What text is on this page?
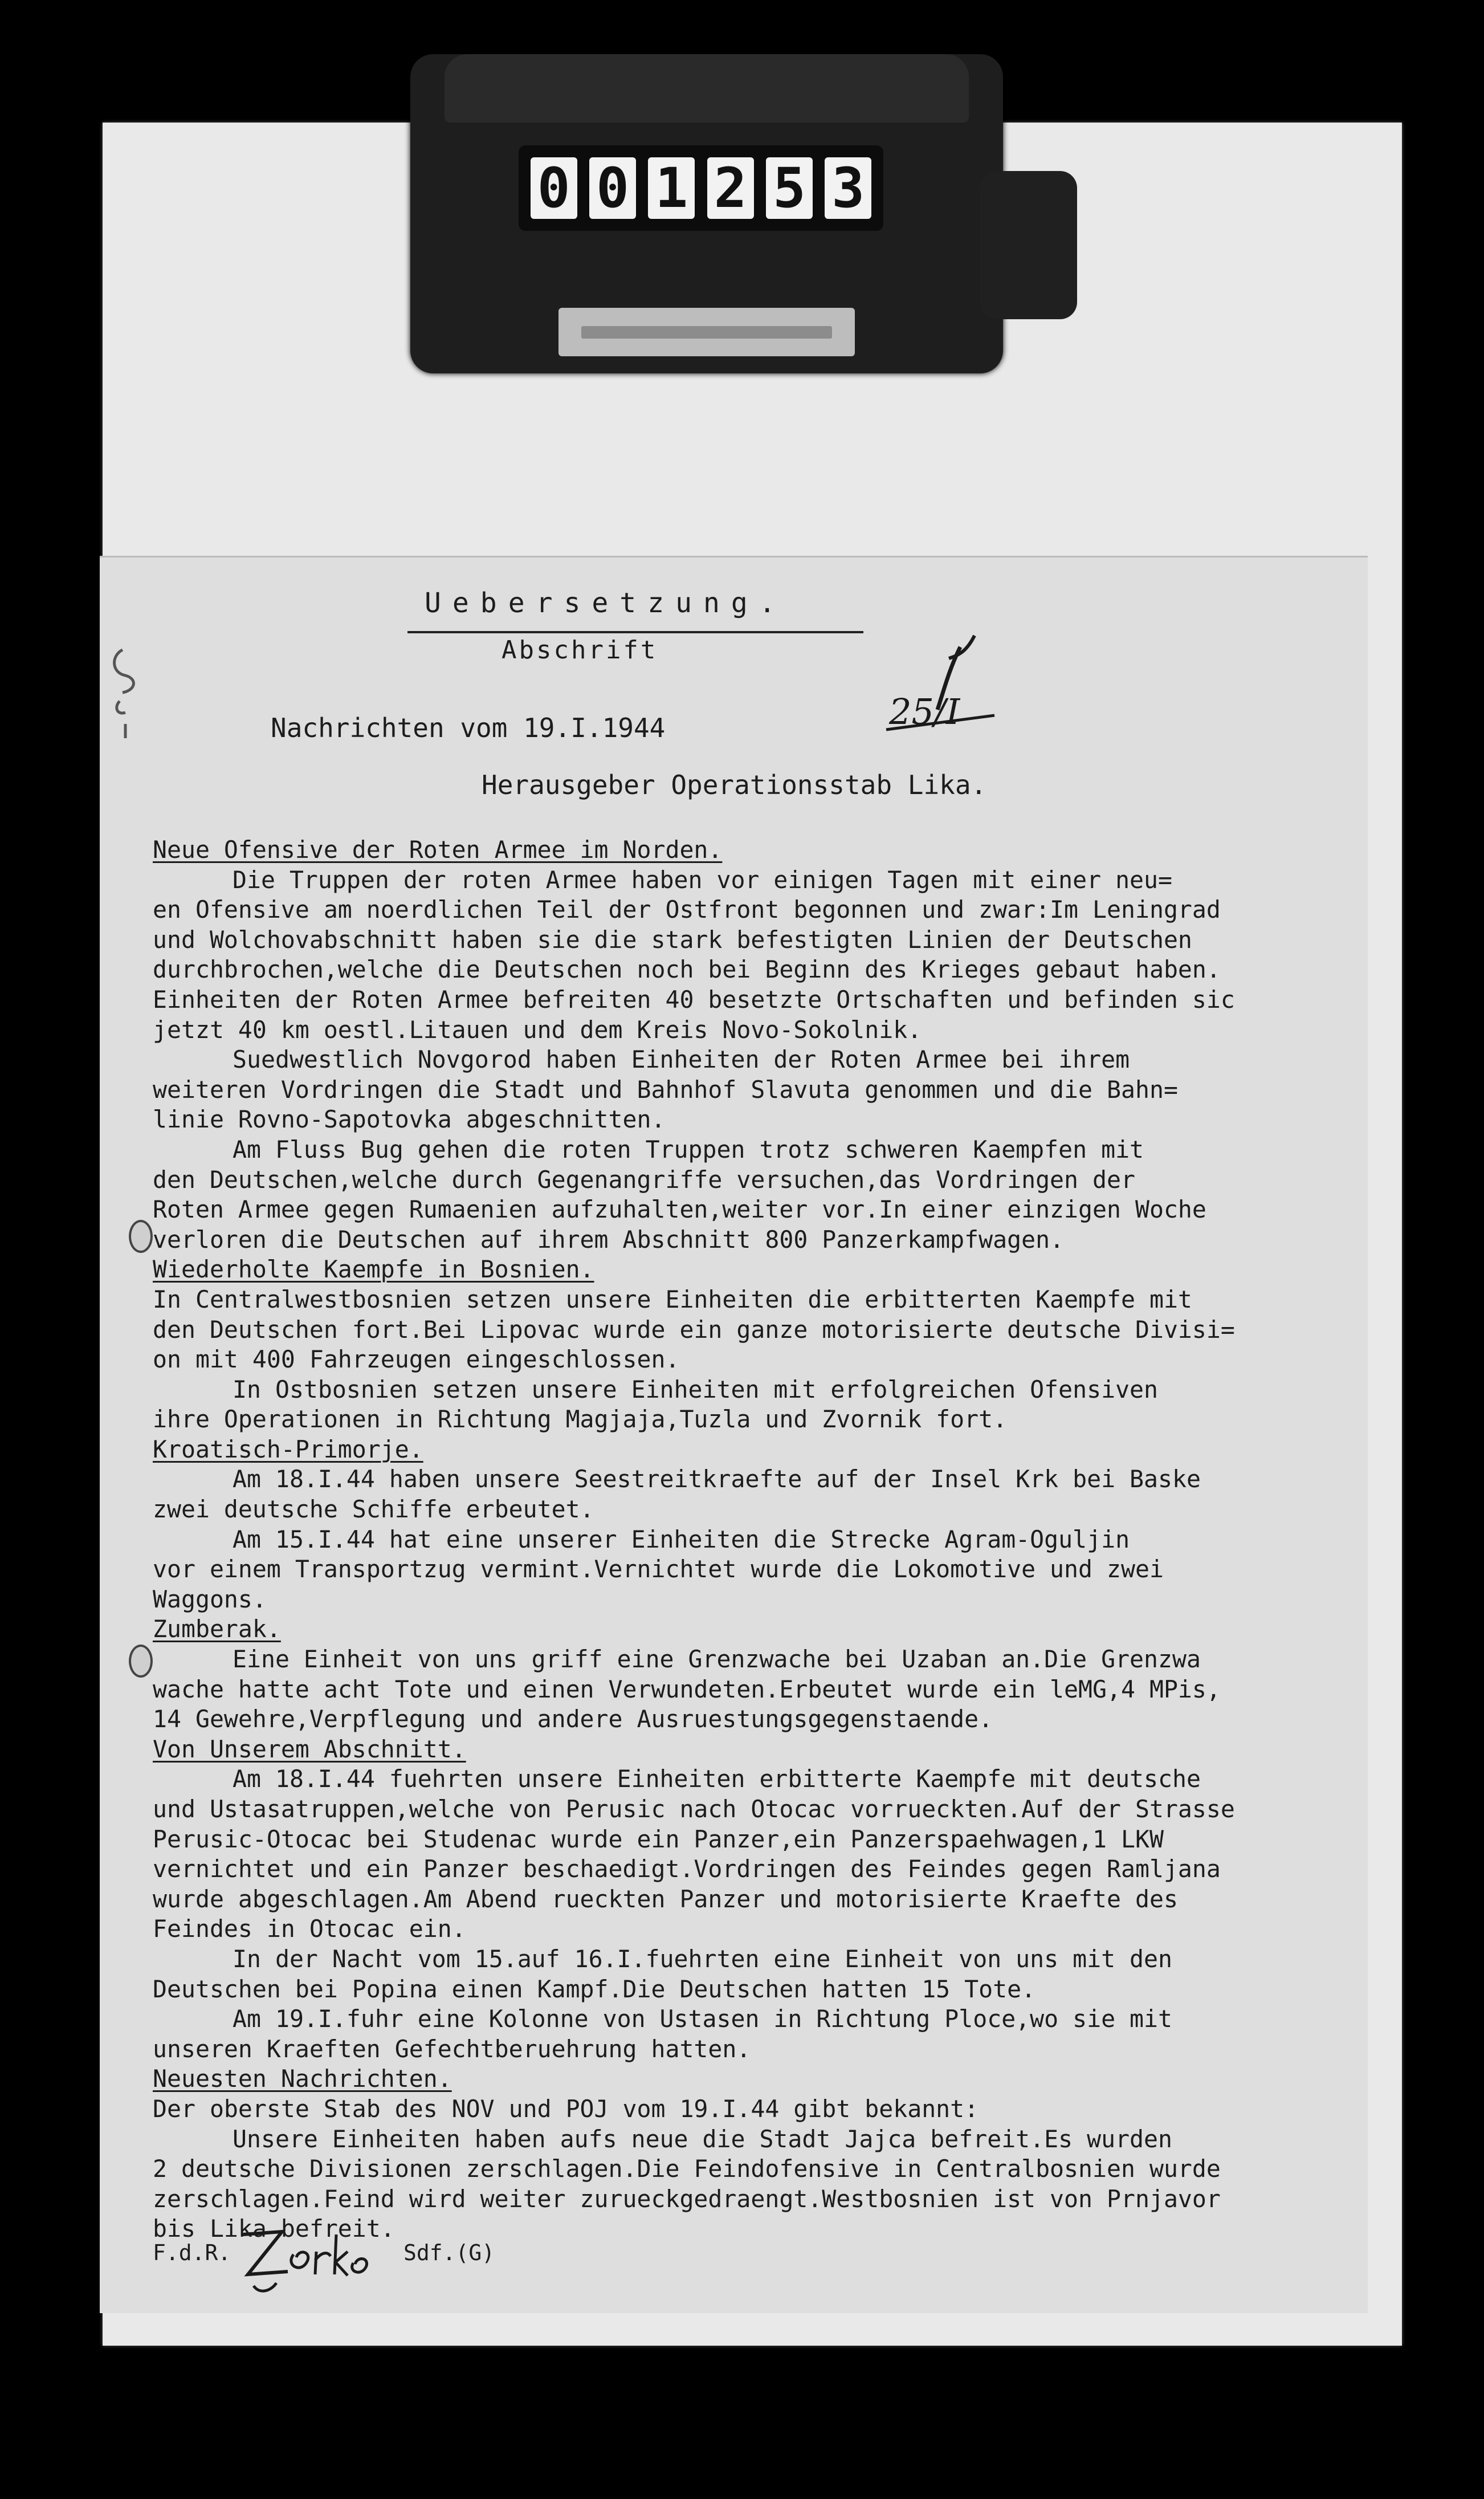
0 0 1 2 5 3
Uebersetzung.
Abschrift
Nachrichten vom 19.I.1944	25/I
Herausgeber Operationsstab Lika.
Neue Ofensive der Roten Armee im Norden.
Die Truppen der roten Armee haben vor einigen Tagen mit einer neu=
en Ofensive am noerdlichen Teil der Ostfront begonnen und zwar:Im Leningrad
und Wolchovabschnitt haben sie die stark befestigten Linien der Deutschen
durchbrochen,welche die Deutschen noch bei Beginn des Krieges gebaut haben.
Einheiten der Roten Armee befreiten 40 besetzte Ortschaften und befinden sic
jetzt 40 km oestl.Litauen und dem Kreis Novo-Sokolnik.
Suedwestlich Novgorod haben Einheiten der Roten Armee bei ihrem
weiteren Vordringen die Stadt und Bahnhof Slavuta genommen und die Bahn=
linie Rovno-Sapotovka abgeschnitten.
Am Fluss Bug gehen die roten Truppen trotz schweren Kaempfen mit
den Deutschen,welche durch Gegenangriffe versuchen,das Vordringen der
Roten Armee gegen Rumaenien aufzuhalten,weiter vor.In einer einzigen Woche
verloren die Deutschen auf ihrem Abschnitt 800 Panzerkampfwagen.
Wiederholte Kaempfe in Bosnien.
In Centralwestbosnien setzen unsere Einheiten die erbitterten Kaempfe mit
den Deutschen fort.Bei Lipovac wurde ein ganze motorisierte deutsche Divisi=
on mit 400 Fahrzeugen eingeschlossen.
In Ostbosnien setzen unsere Einheiten mit erfolgreichen Ofensiven
ihre Operationen in Richtung Magjaja,Tuzla und Zvornik fort.
Kroatisch-Primorje.
Am 18.I.44 haben unsere Seestreitkraefte auf der Insel Krk bei Baske
zwei deutsche Schiffe erbeutet.
Am 15.I.44 hat eine unserer Einheiten die Strecke Agram-Oguljin
vor einem Transportzug vermint.Vernichtet wurde die Lokomotive und zwei
Waggons.
Zumberak.
Eine Einheit von uns griff eine Grenzwache bei Uzaban an.Die Grenzwa
wache hatte acht Tote und einen Verwundeten.Erbeutet wurde ein leMG,4 MPis,
14 Gewehre,Verpflegung und andere Ausruestungsgegenstaende.
Von Unserem Abschnitt.
Am 18.I.44 fuehrten unsere Einheiten erbitterte Kaempfe mit deutsche
und Ustasatruppen,welche von Perusic nach Otocac vorrueckten.Auf der Strasse
Perusic-Otocac bei Studenac wurde ein Panzer,ein Panzerspaehwagen,1 LKW
vernichtet und ein Panzer beschaedigt.Vordringen des Feindes gegen Ramljana
wurde abgeschlagen.Am Abend rueckten Panzer und motorisierte Kraefte des
Feindes in Otocac ein.
In der Nacht vom 15.auf 16.I.fuehrten eine Einheit von uns mit den
Deutschen bei Popina einen Kampf.Die Deutschen hatten 15 Tote.
Am 19.I.fuhr eine Kolonne von Ustasen in Richtung Ploce,wo sie mit
unseren Kraeften Gefechtberuehrung hatten.
Neuesten Nachrichten.
Der oberste Stab des NOV und POJ vom 19.I.44 gibt bekannt:
Unsere Einheiten haben aufs neue die Stadt Jajca befreit.Es wurden
2 deutsche Divisionen zerschlagen.Die Feindofensive in Centralbosnien wurde
zerschlagen.Feind wird weiter zurueckgedraengt.Westbosnien ist von Prnjavor
bis Lika befreit.
F.d.R.	Sdf.(G)
